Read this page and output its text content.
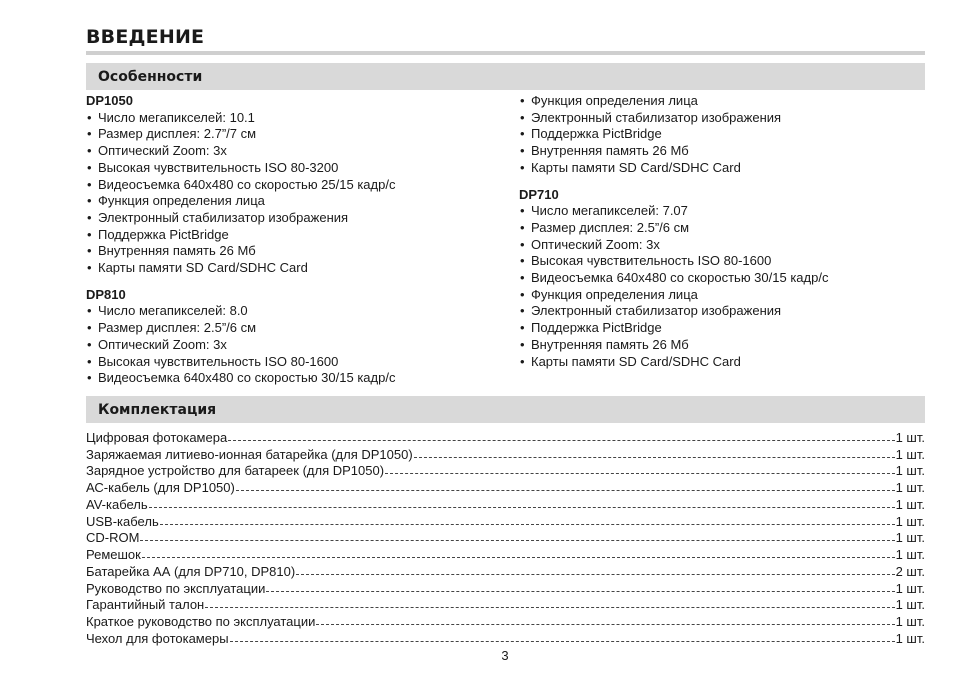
ВВЕДЕНИЕ
Особенности
DP1050
• Число мегапикселей: 10.1
• Размер дисплея: 2.7”/7 см
• Оптический Zoom: 3x
• Высокая чувствительность ISO 80-3200
• Видеосъемка 640x480 со скоростью 25/15 кадр/с
• Функция определения лица
• Электронный стабилизатор изображения
• Поддержка PictBridge
• Внутренняя память 26 Мб
• Карты памяти SD Card/SDHC Card
DP810
• Число мегапикселей: 8.0
• Размер дисплея: 2.5”/6 см
• Оптический Zoom: 3x
• Высокая чувствительность ISO 80-1600
• Видеосъемка 640x480 со скоростью 30/15 кадр/с
• Функция определения лица
• Электронный стабилизатор изображения
• Поддержка PictBridge
• Внутренняя память 26 Мб
• Карты памяти SD Card/SDHC Card
DP710
• Число мегапикселей: 7.07
• Размер дисплея: 2.5”/6 см
• Оптический Zoom: 3x
• Высокая чувствительность ISO 80-1600
• Видеосъемка 640x480 со скоростью 30/15 кадр/с
• Функция определения лица
• Электронный стабилизатор изображения
• Поддержка PictBridge
• Внутренняя память 26 Мб
• Карты памяти SD Card/SDHC Card
Комплектация
Цифровая фотокамера	1 шт.
Заряжаемая литиево-ионная батарейка (для DP1050)	1 шт.
Зарядное устройство для батареек (для DP1050)	1 шт.
АС-кабель (для DP1050)	1 шт.
AV-кабель	1 шт.
USB-кабель	1 шт.
CD-ROM	1 шт.
Ремешок	1 шт.
Батарейка АА (для DP710, DP810)	2 шт.
Руководство по эксплуатации	1 шт.
Гарантийный талон	1 шт.
Краткое руководство по эксплуатации	1 шт.
Чехол для фотокамеры	1 шт.
3
